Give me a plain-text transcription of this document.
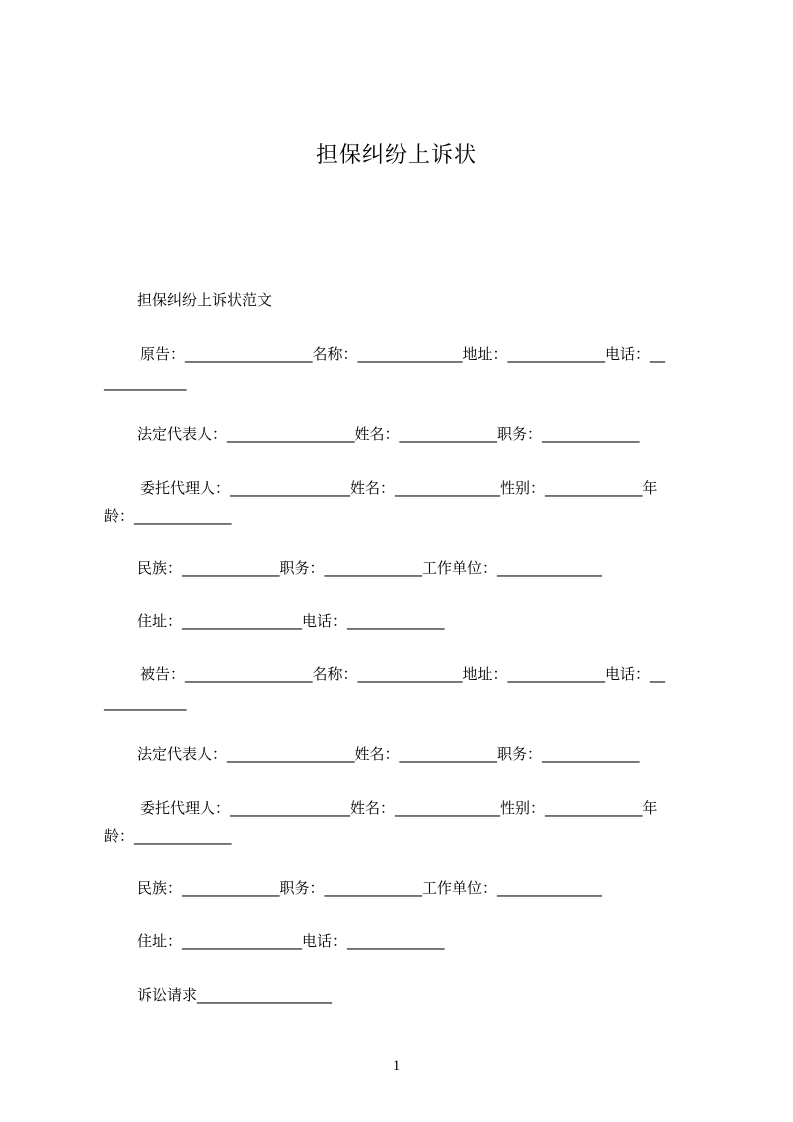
担保纠纷上诉状
担保纠纷上诉状范文
原告：_________________名称：______________地址：_____________电话：__
___________
法定代表人：_________________姓名：_____________职务：_____________
委托代理人：________________姓名：______________性别：_____________年
龄：_____________
民族：_____________职务：_____________工作单位：______________
住址：________________电话：_____________
被告：_________________名称：______________地址：_____________电话：__
___________
法定代表人：_________________姓名：_____________职务：_____________
委托代理人：________________姓名：______________性别：_____________年
龄：_____________
民族：_____________职务：_____________工作单位：______________
住址：________________电话：_____________
诉讼请求__________________
1
